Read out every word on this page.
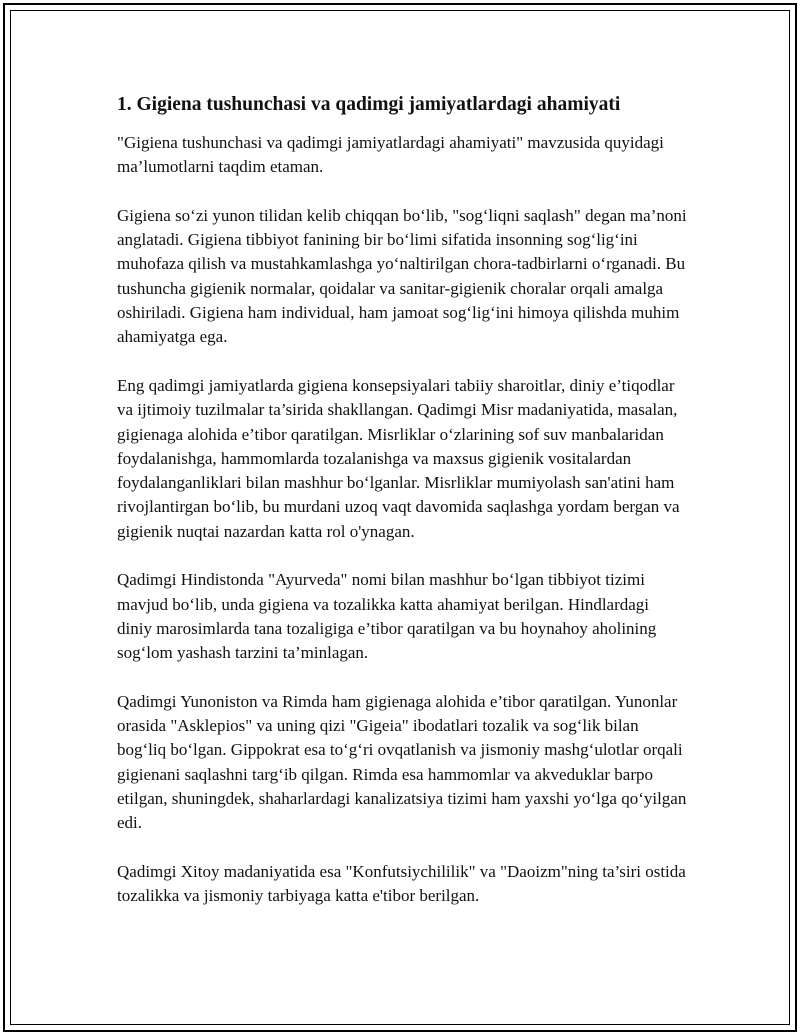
1. Gigiena tushunchasi va qadimgi jamiyatlardagi ahamiyati

"Gigiena tushunchasi va qadimgi jamiyatlardagi ahamiyati" mavzusida quyidagi ma’lumotlarni taqdim etaman.

Gigiena so‘zi yunon tilidan kelib chiqqan bo‘lib, "sog‘liqni saqlash" degan ma’noni anglatadi. Gigiena tibbiyot fanining bir bo‘limi sifatida insonning sog‘lig‘ini muhofaza qilish va mustahkamlashga yo‘naltirilgan chora-tadbirlarni o‘rganadi. Bu tushuncha gigienik normalar, qoidalar va sanitar-gigienik choralar orqali amalga oshiriladi. Gigiena ham individual, ham jamoat sog‘lig‘ini himoya qilishda muhim ahamiyatga ega.

Eng qadimgi jamiyatlarda gigiena konsepsiyalari tabiiy sharoitlar, diniy e’tiqodlar va ijtimoiy tuzilmalar ta’sirida shakllangan. Qadimgi Misr madaniyatida, masalan, gigienaga alohida e’tibor qaratilgan. Misrliklar o‘zlarining sof suv manbalaridan foydalanishga, hammomlarda tozalanishga va maxsus gigienik vositalardan foydalanganliklari bilan mashhur bo‘lganlar. Misrliklar mumiyolash san'atini ham rivojlantirgan bo‘lib, bu murdani uzoq vaqt davomida saqlashga yordam bergan va gigienik nuqtai nazardan katta rol o'ynagan.

Qadimgi Hindistonda "Ayurveda" nomi bilan mashhur bo‘lgan tibbiyot tizimi mavjud bo‘lib, unda gigiena va tozalikka katta ahamiyat berilgan. Hindlardagi diniy marosimlarda tana tozaligiga e’tibor qaratilgan va bu hoynahoy aholining sog‘lom yashash tarzini ta’minlagan.

Qadimgi Yunoniston va Rimda ham gigienaga alohida e’tibor qaratilgan. Yunonlar orasida "Asklepios" va uning qizi "Gigeia" ibodatlari tozalik va sog‘lik bilan bog‘liq bo‘lgan. Gippokrat esa to‘g‘ri ovqatlanish va jismoniy mashg‘ulotlar orqali gigienani saqlashni targ‘ib qilgan. Rimda esa hammomlar va akveduklar barpo etilgan, shuningdek, shaharlardagi kanalizatsiya tizimi ham yaxshi yo‘lga qo‘yilgan edi.

Qadimgi Xitoy madaniyatida esa "Konfutsiychililik" va "Daoizm"ning ta’siri ostida tozalikka va jismoniy tarbiyaga katta e'tibor berilgan.
